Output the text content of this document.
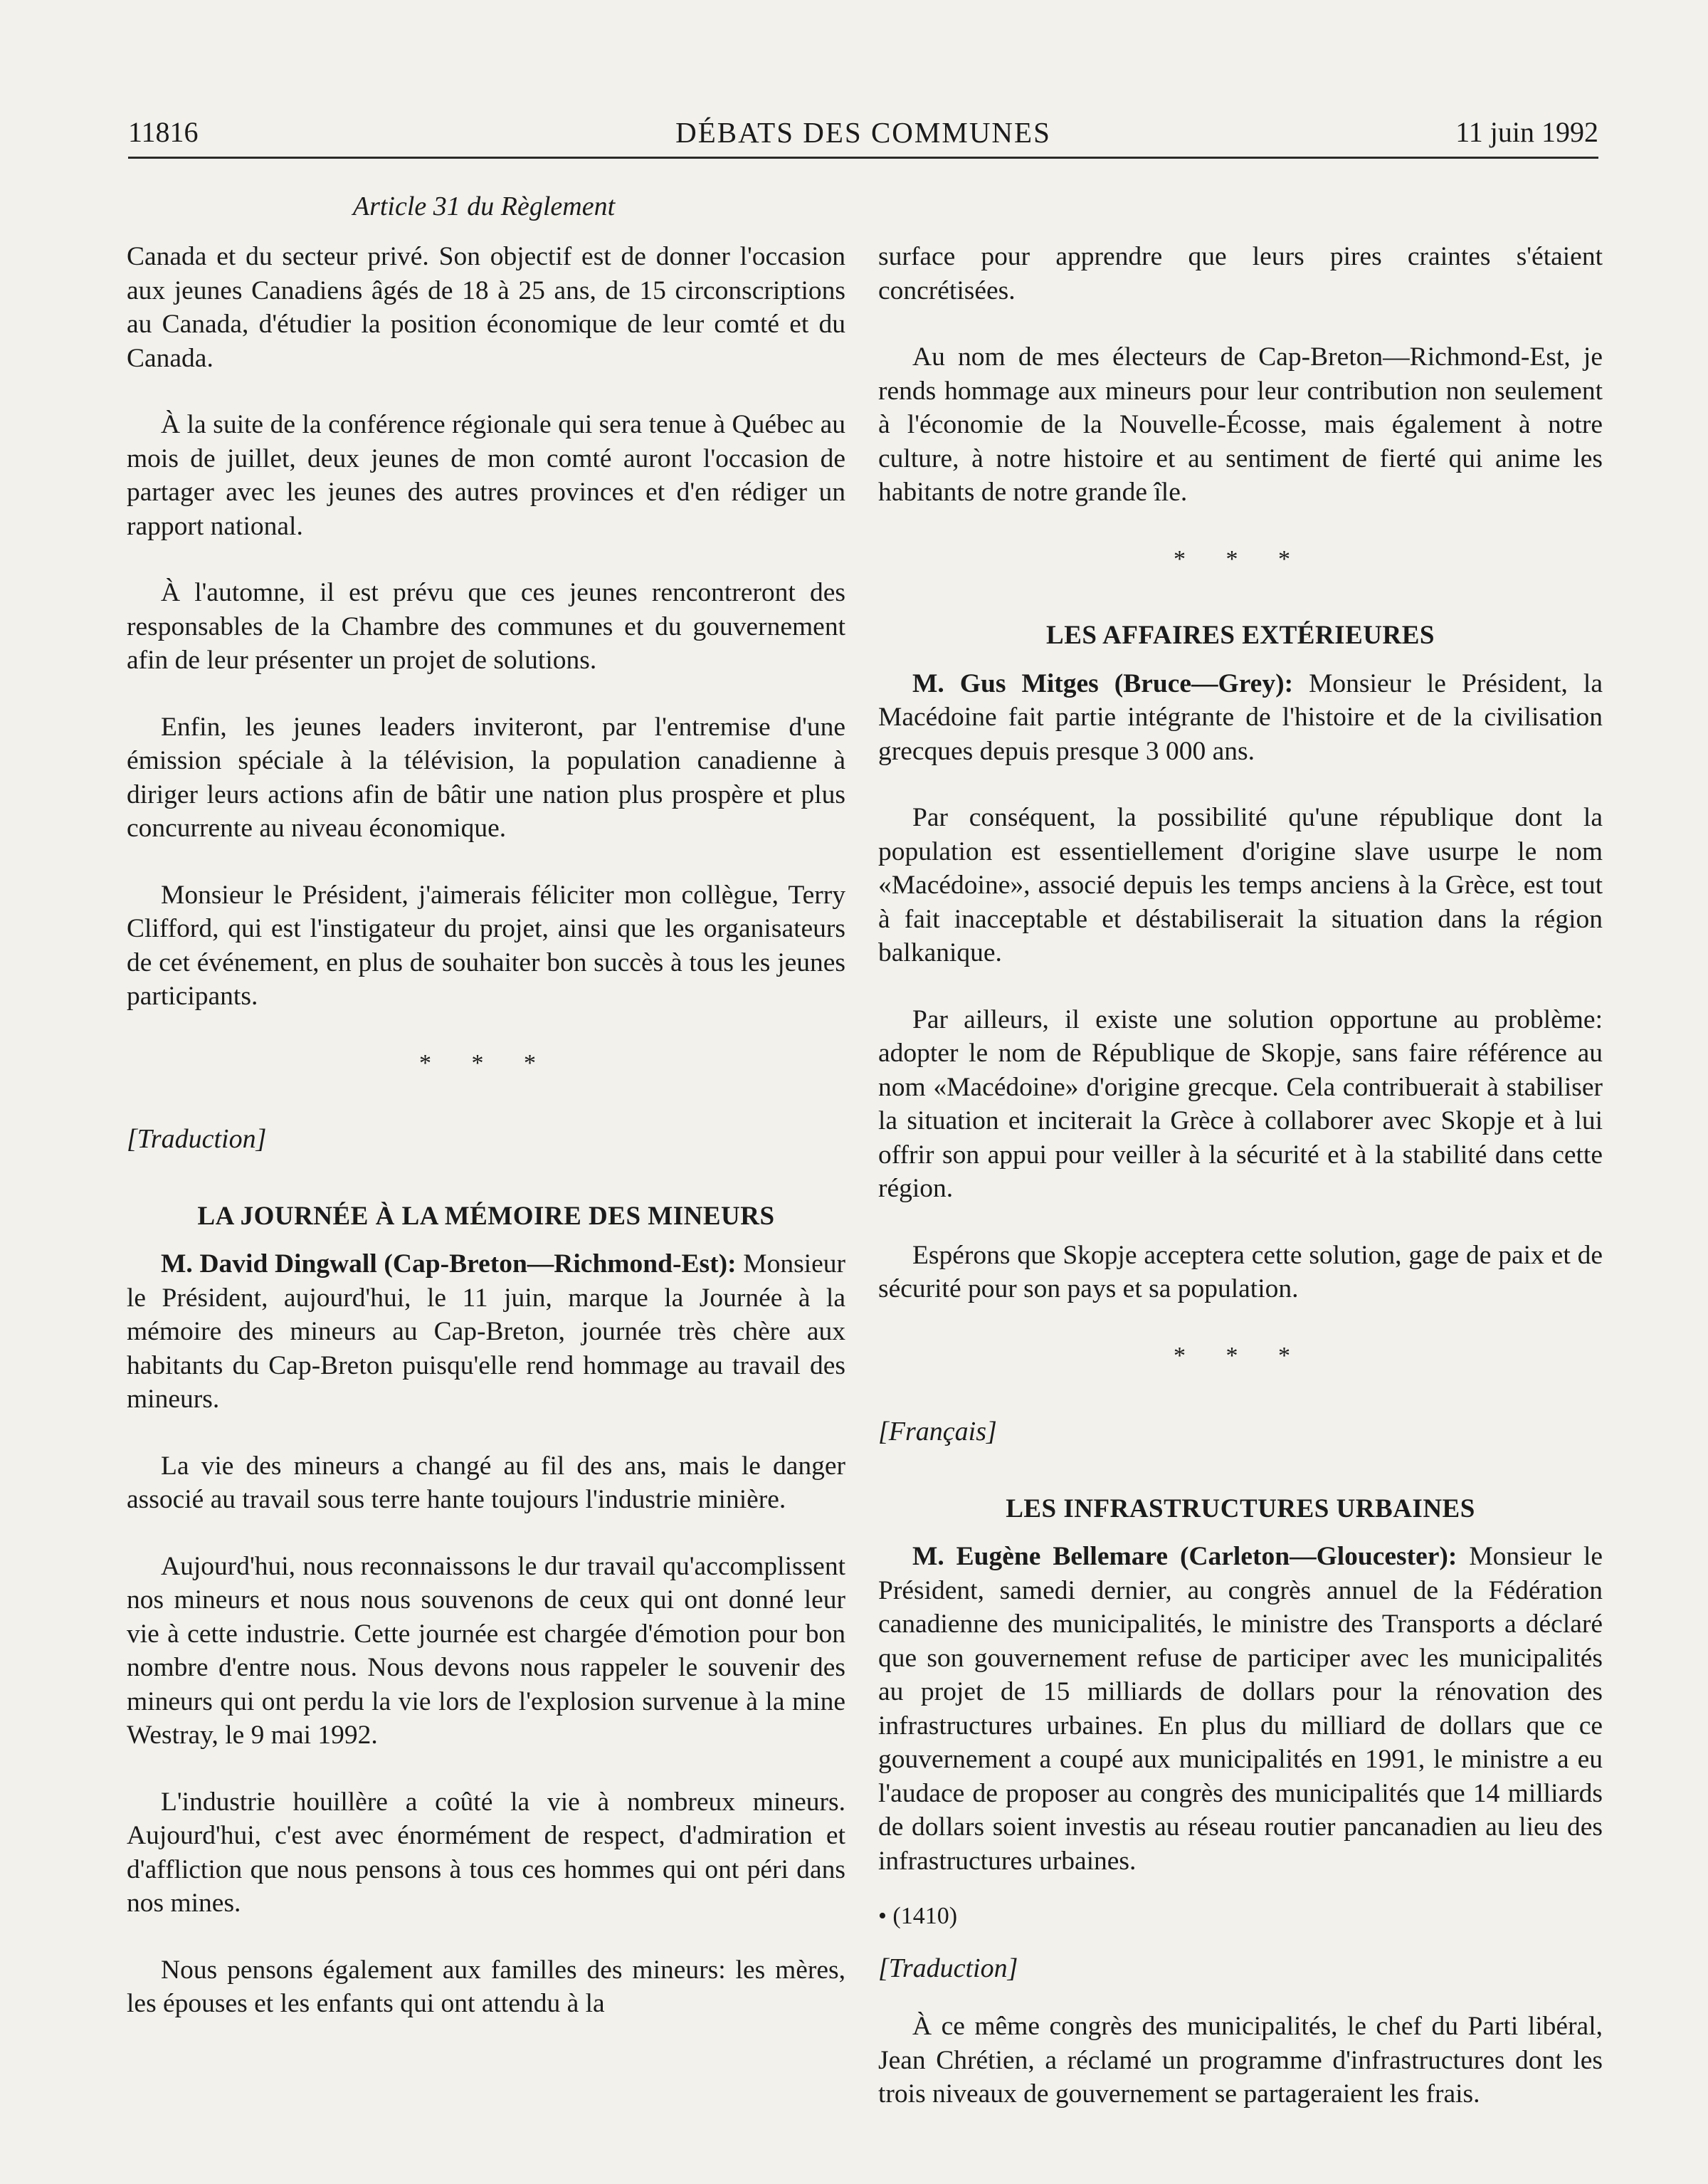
11816	DÉBATS DES COMMUNES	11 juin 1992
Article 31 du Règlement

Canada et du secteur privé. Son objectif est de donner l'occasion aux jeunes Canadiens âgés de 18 à 25 ans, de 15 circonscriptions au Canada, d'étudier la position économique de leur comté et du Canada.

À la suite de la conférence régionale qui sera tenue à Québec au mois de juillet, deux jeunes de mon comté auront l'occasion de partager avec les jeunes des autres provinces et d'en rédiger un rapport national.

À l'automne, il est prévu que ces jeunes rencontreront des responsables de la Chambre des communes et du gouvernement afin de leur présenter un projet de solutions.

Enfin, les jeunes leaders inviteront, par l'entremise d'une émission spéciale à la télévision, la population canadienne à diriger leurs actions afin de bâtir une nation plus prospère et plus concurrente au niveau économique.

Monsieur le Président, j'aimerais féliciter mon collègue, Terry Clifford, qui est l'instigateur du projet, ainsi que les organisateurs de cet événement, en plus de souhaiter bon succès à tous les jeunes participants.

* * *
[Traduction]
LA JOURNÉE À LA MÉMOIRE DES MINEURS

M. David Dingwall (Cap-Breton—Richmond-Est): Monsieur le Président, aujourd'hui, le 11 juin, marque la Journée à la mémoire des mineurs au Cap-Breton, journée très chère aux habitants du Cap-Breton puisqu'elle rend hommage au travail des mineurs.

La vie des mineurs a changé au fil des ans, mais le danger associé au travail sous terre hante toujours l'industrie minière.

Aujourd'hui, nous reconnaissons le dur travail qu'accomplissent nos mineurs et nous nous souvenons de ceux qui ont donné leur vie à cette industrie. Cette journée est chargée d'émotion pour bon nombre d'entre nous. Nous devons nous rappeler le souvenir des mineurs qui ont perdu la vie lors de l'explosion survenue à la mine Westray, le 9 mai 1992.

L'industrie houillère a coûté la vie à nombreux mineurs. Aujourd'hui, c'est avec énormément de respect, d'admiration et d'affliction que nous pensons à tous ces hommes qui ont péri dans nos mines.

Nous pensons également aux familles des mineurs: les mères, les épouses et les enfants qui ont attendu à la

surface pour apprendre que leurs pires craintes s'étaient concrétisées.

Au nom de mes électeurs de Cap-Breton—Richmond-Est, je rends hommage aux mineurs pour leur contribution non seulement à l'économie de la Nouvelle-Écosse, mais également à notre culture, à notre histoire et au sentiment de fierté qui anime les habitants de notre grande île.

* * *
LES AFFAIRES EXTÉRIEURES

M. Gus Mitges (Bruce—Grey): Monsieur le Président, la Macédoine fait partie intégrante de l'histoire et de la civilisation grecques depuis presque 3 000 ans.

Par conséquent, la possibilité qu'une république dont la population est essentiellement d'origine slave usurpe le nom «Macédoine», associé depuis les temps anciens à la Grèce, est tout à fait inacceptable et déstabiliserait la situation dans la région balkanique.

Par ailleurs, il existe une solution opportune au problème: adopter le nom de République de Skopje, sans faire référence au nom «Macédoine» d'origine grecque. Cela contribuerait à stabiliser la situation et inciterait la Grèce à collaborer avec Skopje et à lui offrir son appui pour veiller à la sécurité et à la stabilité dans cette région.

Espérons que Skopje acceptera cette solution, gage de paix et de sécurité pour son pays et sa population.

* * *
[Français]
LES INFRASTRUCTURES URBAINES

M. Eugène Bellemare (Carleton—Gloucester): Monsieur le Président, samedi dernier, au congrès annuel de la Fédération canadienne des municipalités, le ministre des Transports a déclaré que son gouvernement refuse de participer avec les municipalités au projet de 15 milliards de dollars pour la rénovation des infrastructures urbaines. En plus du milliard de dollars que ce gouvernement a coupé aux municipalités en 1991, le ministre a eu l'audace de proposer au congrès des municipalités que 14 milliards de dollars soient investis au réseau routier pancanadien au lieu des infrastructures urbaines.

• (1410)
[Traduction]

À ce même congrès des municipalités, le chef du Parti libéral, Jean Chrétien, a réclamé un programme d'infrastructures dont les trois niveaux de gouvernement se partageraient les frais.
